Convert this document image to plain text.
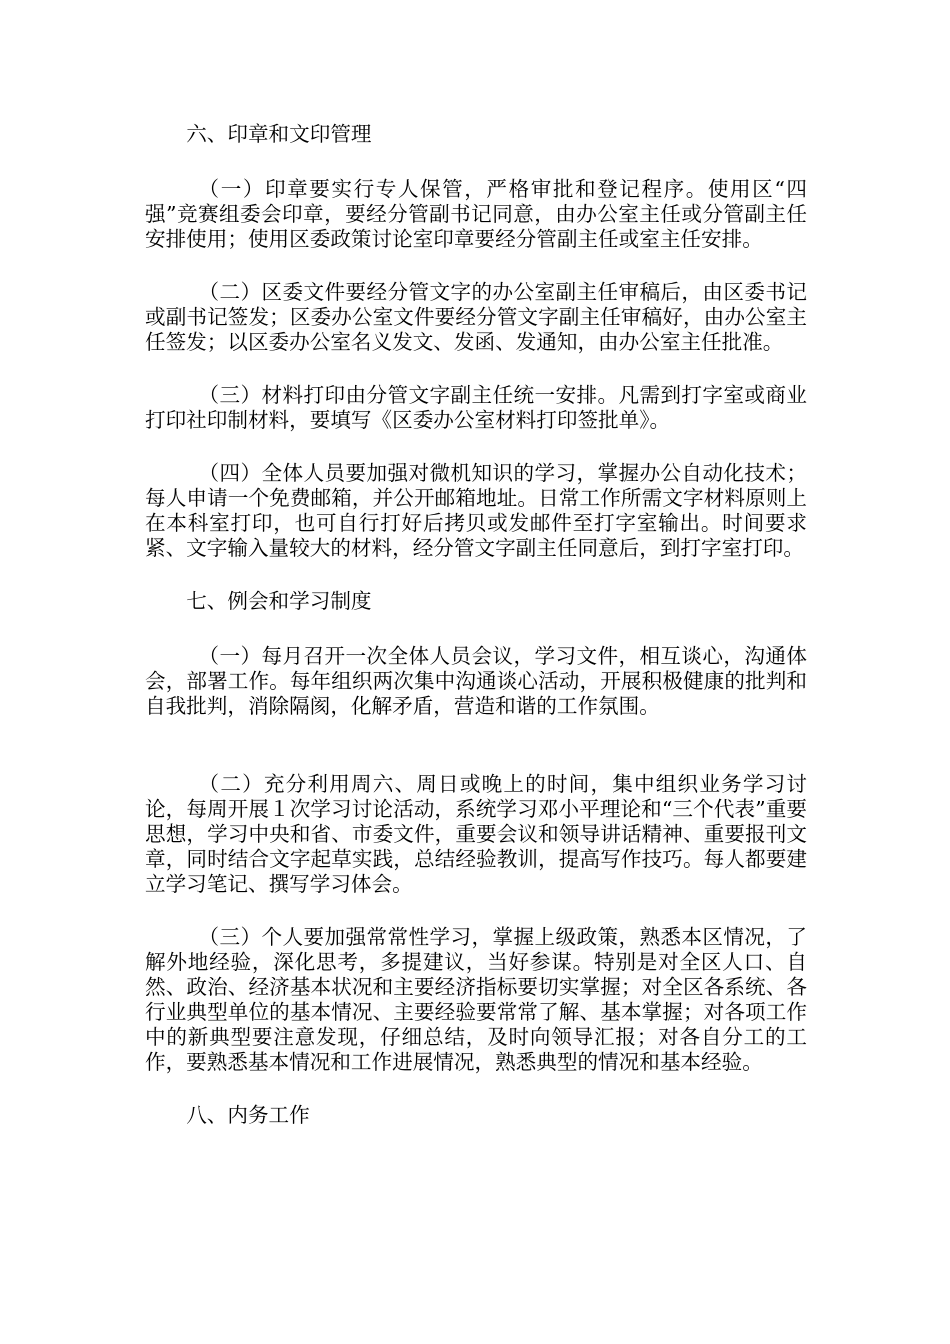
六、印章和文印管理

（一）印章要实行专人保管，严格审批和登记程序。使用区“四强”竞赛组委会印章，要经分管副书记同意，由办公室主任或分管副主任安排使用；使用区委政策讨论室印章要经分管副主任或室主任安排。

（二）区委文件要经分管文字的办公室副主任审稿后，由区委书记或副书记签发；区委办公室文件要经分管文字副主任审稿好，由办公室主任签发；以区委办公室名义发文、发函、发通知，由办公室主任批准。

（三）材料打印由分管文字副主任统一安排。凡需到打字室或商业打印社印制材料，要填写《区委办公室材料打印签批单》。

（四）全体人员要加强对微机知识的学习，掌握办公自动化技术；每人申请一个免费邮箱，并公开邮箱地址。日常工作所需文字材料原则上在本科室打印，也可自行打好后拷贝或发邮件至打字室输出。时间要求紧、文字输入量较大的材料，经分管文字副主任同意后，到打字室打印。

七、例会和学习制度

（一）每月召开一次全体人员会议，学习文件，相互谈心，沟通体会，部署工作。每年组织两次集中沟通谈心活动，开展积极健康的批判和自我批判，消除隔阂，化解矛盾，营造和谐的工作氛围。

（二）充分利用周六、周日或晚上的时间，集中组织业务学习讨论，每周开展１次学习讨论活动，系统学习邓小平理论和“三个代表”重要思想，学习中央和省、市委文件，重要会议和领导讲话精神、重要报刊文章，同时结合文字起草实践，总结经验教训，提高写作技巧。每人都要建立学习笔记、撰写学习体会。

（三）个人要加强常常性学习，掌握上级政策，熟悉本区情况，了解外地经验，深化思考，多提建议，当好参谋。特别是对全区人口、自然、政治、经济基本状况和主要经济指标要切实掌握；对全区各系统、各行业典型单位的基本情况、主要经验要常常了解、基本掌握；对各项工作中的新典型要注意发现，仔细总结，及时向领导汇报；对各自分工的工作，要熟悉基本情况和工作进展情况，熟悉典型的情况和基本经验。

八、内务工作
